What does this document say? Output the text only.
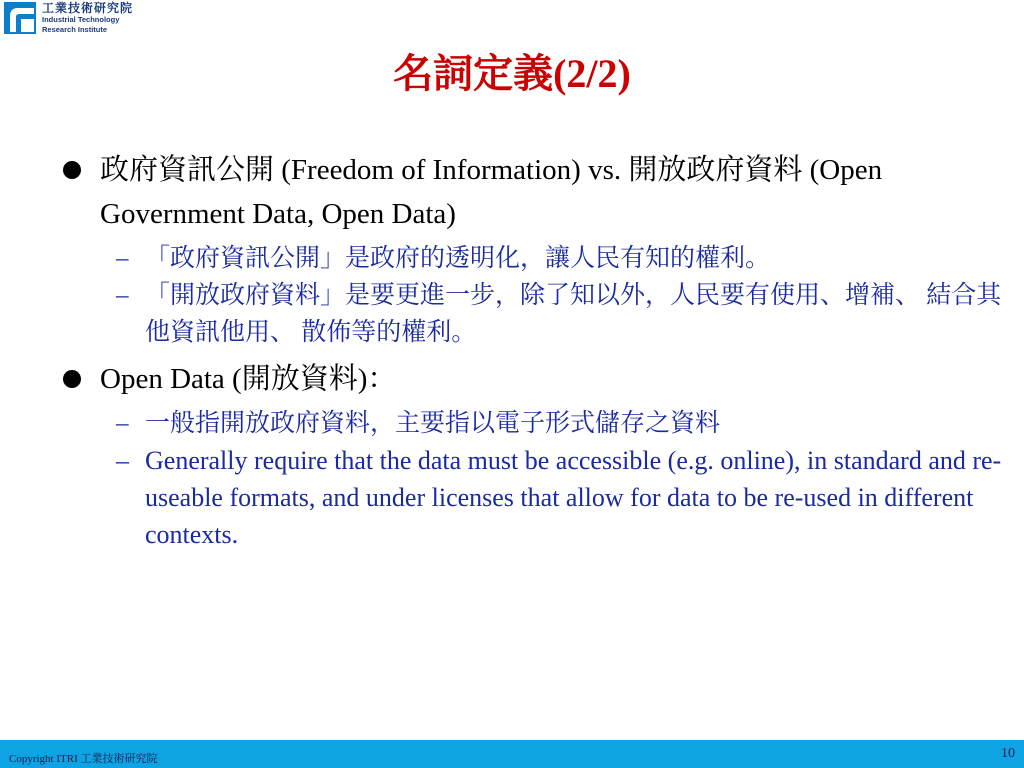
工業技術研究院
Industrial Technology
Research Institute
名詞定義(2/2)
政府資訊公開 (Freedom of Information) vs. 開放政府資料 (Open Government Data, Open Data)
– 「政府資訊公開」是政府的透明化，讓人民有知的權利。
– 「開放政府資料」是要更進一步，除了知以外，人民要有使用、增補、 結合其他資訊他用、 散佈等的權利。
Open Data (開放資料)：
– 一般指開放政府資料，主要指以電子形式儲存之資料
– Generally require that the data must be accessible (e.g. online), in standard and re-useable formats, and under licenses that allow for data to be re-used in different contexts.
Copyright ITRI 工業技術研究院	10
